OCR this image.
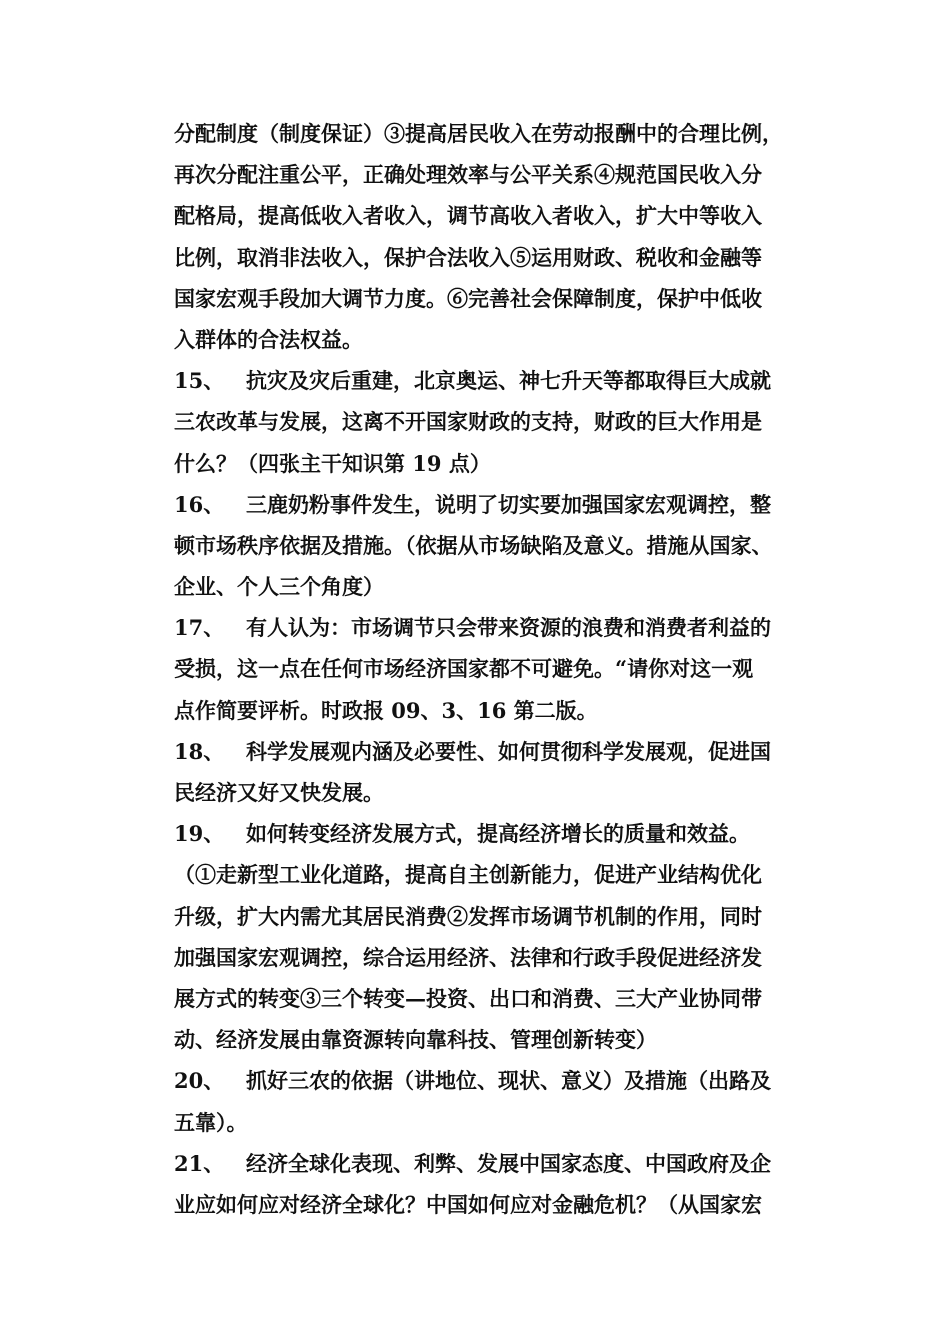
分配制度（制度保证）③提高居民收入在劳动报酬中的合理比例，
再次分配注重公平，正确处理效率与公平关系④规范国民收入分
配格局，提高低收入者收入，调节高收入者收入，扩大中等收入
比例，取消非法收入，保护合法收入⑤运用财政、税收和金融等
国家宏观手段加大调节力度。⑥完善社会保障制度，保护中低收
入群体的合法权益。
15、 抗灾及灾后重建，北京奥运、神七升天等都取得巨大成就
三农改革与发展，这离不开国家财政的支持，财政的巨大作用是
什么？（四张主干知识第 19 点）
16、 三鹿奶粉事件发生，说明了切实要加强国家宏观调控，整
顿市场秩序依据及措施。（依据从市场缺陷及意义。措施从国家、
企业、个人三个角度）
17、 有人认为：市场调节只会带来资源的浪费和消费者利益的
受损，这一点在任何市场经济国家都不可避免。“请你对这一观
点作简要评析。时政报 09、3、16 第二版。
18、 科学发展观内涵及必要性、如何贯彻科学发展观，促进国
民经济又好又快发展。
19、 如何转变经济发展方式，提高经济增长的质量和效益。
（①走新型工业化道路，提高自主创新能力，促进产业结构优化
升级，扩大内需尤其居民消费②发挥市场调节机制的作用，同时
加强国家宏观调控，综合运用经济、法律和行政手段促进经济发
展方式的转变③三个转变—投资、出口和消费、三大产业协同带
动、经济发展由靠资源转向靠科技、管理创新转变）
20、 抓好三农的依据（讲地位、现状、意义）及措施（出路及
五靠）。
21、 经济全球化表现、利弊、发展中国家态度、中国政府及企
业应如何应对经济全球化？中国如何应对金融危机？（从国家宏
